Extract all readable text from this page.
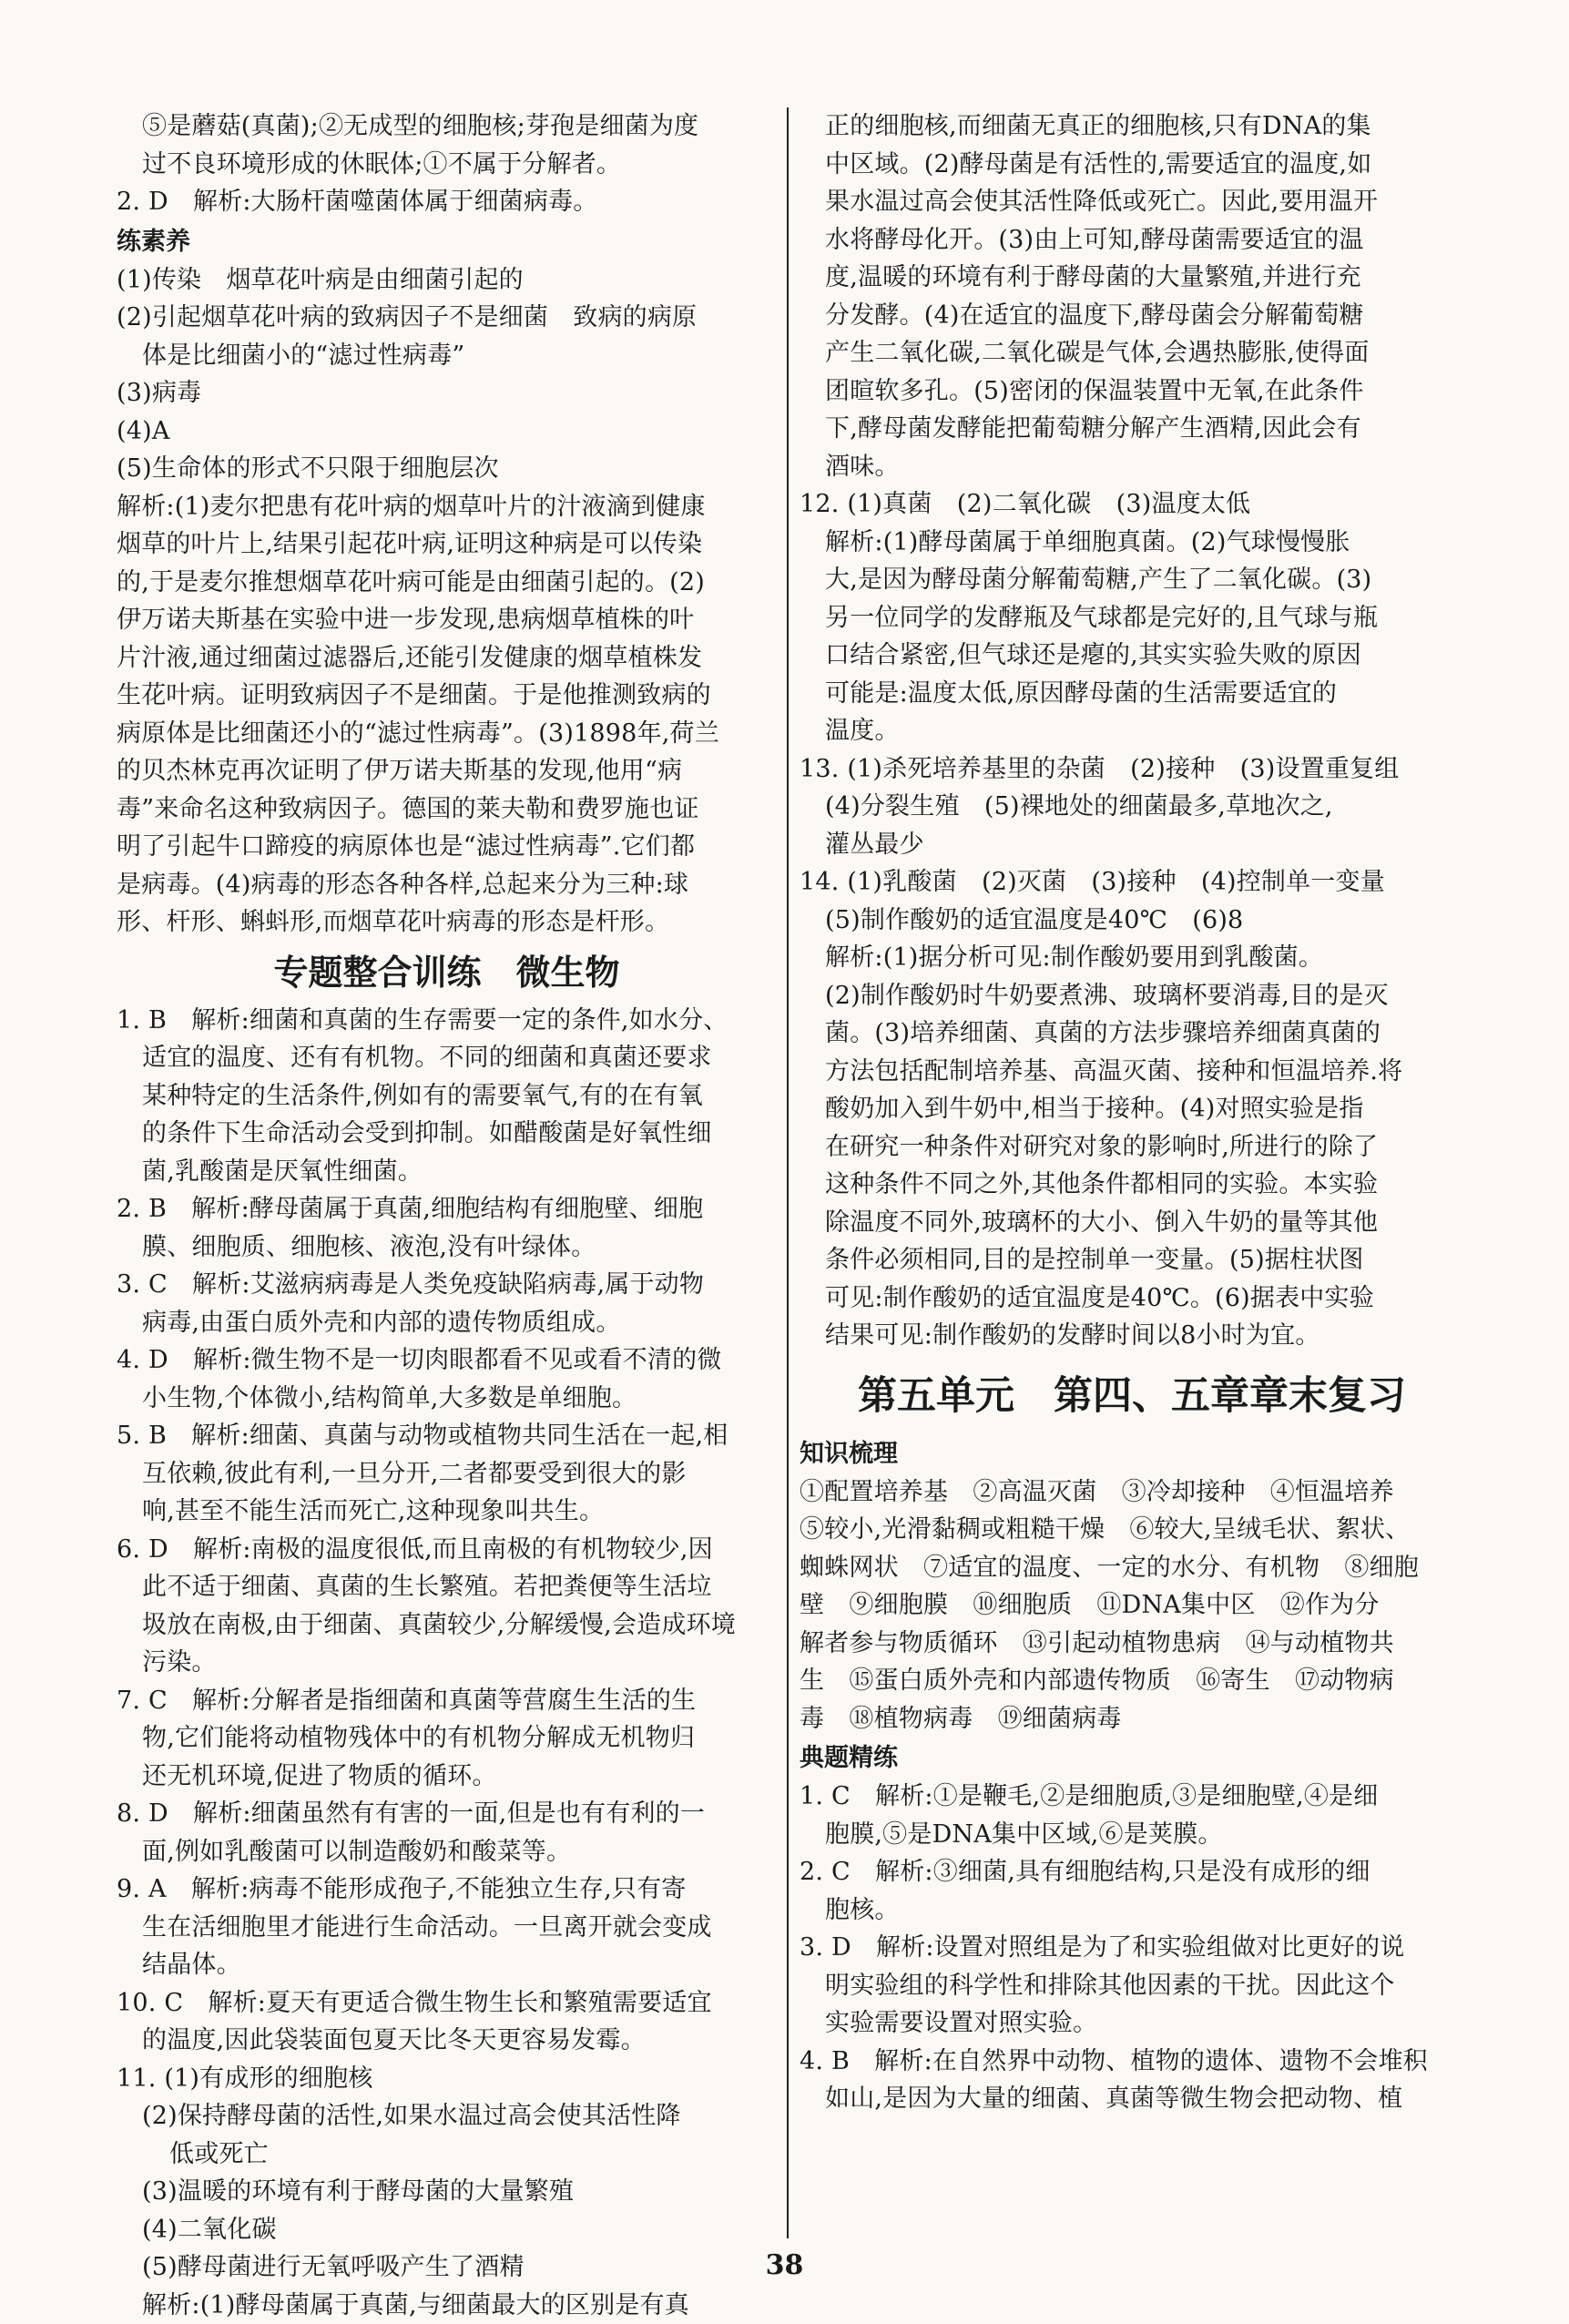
⑤是蘑菇(真菌);②无成型的细胞核;芽孢是细菌为度
过不良环境形成的休眠体;①不属于分解者。
2. D　解析:大肠杆菌噬菌体属于细菌病毒。
练素养
(1)传染　烟草花叶病是由细菌引起的
(2)引起烟草花叶病的致病因子不是细菌　致病的病原
体是比细菌小的“滤过性病毒”
(3)病毒
(4)A
(5)生命体的形式不只限于细胞层次
解析:(1)麦尔把患有花叶病的烟草叶片的汁液滴到健康
烟草的叶片上,结果引起花叶病,证明这种病是可以传染
的,于是麦尔推想烟草花叶病可能是由细菌引起的。(2)
伊万诺夫斯基在实验中进一步发现,患病烟草植株的叶
片汁液,通过细菌过滤器后,还能引发健康的烟草植株发
生花叶病。证明致病因子不是细菌。于是他推测致病的
病原体是比细菌还小的“滤过性病毒”。(3)1898年,荷兰
的贝杰林克再次证明了伊万诺夫斯基的发现,他用“病
毒”来命名这种致病因子。德国的莱夫勒和费罗施也证
明了引起牛口蹄疫的病原体也是“滤过性病毒”.它们都
是病毒。(4)病毒的形态各种各样,总起来分为三种:球
形、杆形、蝌蚪形,而烟草花叶病毒的形态是杆形。
专题整合训练　微生物
1. B　解析:细菌和真菌的生存需要一定的条件,如水分、
适宜的温度、还有有机物。不同的细菌和真菌还要求
某种特定的生活条件,例如有的需要氧气,有的在有氧
的条件下生命活动会受到抑制。如醋酸菌是好氧性细
菌,乳酸菌是厌氧性细菌。
2. B　解析:酵母菌属于真菌,细胞结构有细胞壁、细胞
膜、细胞质、细胞核、液泡,没有叶绿体。
3. C　解析:艾滋病病毒是人类免疫缺陷病毒,属于动物
病毒,由蛋白质外壳和内部的遗传物质组成。
4. D　解析:微生物不是一切肉眼都看不见或看不清的微
小生物,个体微小,结构简单,大多数是单细胞。
5. B　解析:细菌、真菌与动物或植物共同生活在一起,相
互依赖,彼此有利,一旦分开,二者都要受到很大的影
响,甚至不能生活而死亡,这种现象叫共生。
6. D　解析:南极的温度很低,而且南极的有机物较少,因
此不适于细菌、真菌的生长繁殖。若把粪便等生活垃
圾放在南极,由于细菌、真菌较少,分解缓慢,会造成环境
污染。
7. C　解析:分解者是指细菌和真菌等营腐生生活的生
物,它们能将动植物残体中的有机物分解成无机物归
还无机环境,促进了物质的循环。
8. D　解析:细菌虽然有有害的一面,但是也有有利的一
面,例如乳酸菌可以制造酸奶和酸菜等。
9. A　解析:病毒不能形成孢子,不能独立生存,只有寄
生在活细胞里才能进行生命活动。一旦离开就会变成
结晶体。
10. C　解析:夏天有更适合微生物生长和繁殖需要适宜
的温度,因此袋装面包夏天比冬天更容易发霉。
11. (1)有成形的细胞核
(2)保持酵母菌的活性,如果水温过高会使其活性降
低或死亡
(3)温暖的环境有利于酵母菌的大量繁殖
(4)二氧化碳
(5)酵母菌进行无氧呼吸产生了酒精
解析:(1)酵母菌属于真菌,与细菌最大的区别是有真
正的细胞核,而细菌无真正的细胞核,只有DNA的集
中区域。(2)酵母菌是有活性的,需要适宜的温度,如
果水温过高会使其活性降低或死亡。因此,要用温开
水将酵母化开。(3)由上可知,酵母菌需要适宜的温
度,温暖的环境有利于酵母菌的大量繁殖,并进行充
分发酵。(4)在适宜的温度下,酵母菌会分解葡萄糖
产生二氧化碳,二氧化碳是气体,会遇热膨胀,使得面
团暄软多孔。(5)密闭的保温装置中无氧,在此条件
下,酵母菌发酵能把葡萄糖分解产生酒精,因此会有
酒味。
12. (1)真菌　(2)二氧化碳　(3)温度太低
解析:(1)酵母菌属于单细胞真菌。(2)气球慢慢胀
大,是因为酵母菌分解葡萄糖,产生了二氧化碳。(3)
另一位同学的发酵瓶及气球都是完好的,且气球与瓶
口结合紧密,但气球还是瘪的,其实实验失败的原因
可能是:温度太低,原因酵母菌的生活需要适宜的
温度。
13. (1)杀死培养基里的杂菌　(2)接种　(3)设置重复组
(4)分裂生殖　(5)裸地处的细菌最多,草地次之,
灌丛最少
14. (1)乳酸菌　(2)灭菌　(3)接种　(4)控制单一变量
(5)制作酸奶的适宜温度是40℃　(6)8
解析:(1)据分析可见:制作酸奶要用到乳酸菌。
(2)制作酸奶时牛奶要煮沸、玻璃杯要消毒,目的是灭
菌。(3)培养细菌、真菌的方法步骤培养细菌真菌的
方法包括配制培养基、高温灭菌、接种和恒温培养.将
酸奶加入到牛奶中,相当于接种。(4)对照实验是指
在研究一种条件对研究对象的影响时,所进行的除了
这种条件不同之外,其他条件都相同的实验。本实验
除温度不同外,玻璃杯的大小、倒入牛奶的量等其他
条件必须相同,目的是控制单一变量。(5)据柱状图
可见:制作酸奶的适宜温度是40℃。(6)据表中实验
结果可见:制作酸奶的发酵时间以8小时为宜。
第五单元　第四、五章章末复习
知识梳理
①配置培养基　②高温灭菌　③冷却接种　④恒温培养
⑤较小,光滑黏稠或粗糙干燥　⑥较大,呈绒毛状、絮状、
蜘蛛网状　⑦适宜的温度、一定的水分、有机物　⑧细胞
壁　⑨细胞膜　⑩细胞质　⑪DNA集中区　⑫作为分
解者参与物质循环　⑬引起动植物患病　⑭与动植物共
生　⑮蛋白质外壳和内部遗传物质　⑯寄生　⑰动物病
毒　⑱植物病毒　⑲细菌病毒
典题精练
1. C　解析:①是鞭毛,②是细胞质,③是细胞壁,④是细
胞膜,⑤是DNA集中区域,⑥是荚膜。
2. C　解析:③细菌,具有细胞结构,只是没有成形的细
胞核。
3. D　解析:设置对照组是为了和实验组做对比更好的说
明实验组的科学性和排除其他因素的干扰。因此这个
实验需要设置对照实验。
4. B　解析:在自然界中动物、植物的遗体、遗物不会堆积
如山,是因为大量的细菌、真菌等微生物会把动物、植
38
